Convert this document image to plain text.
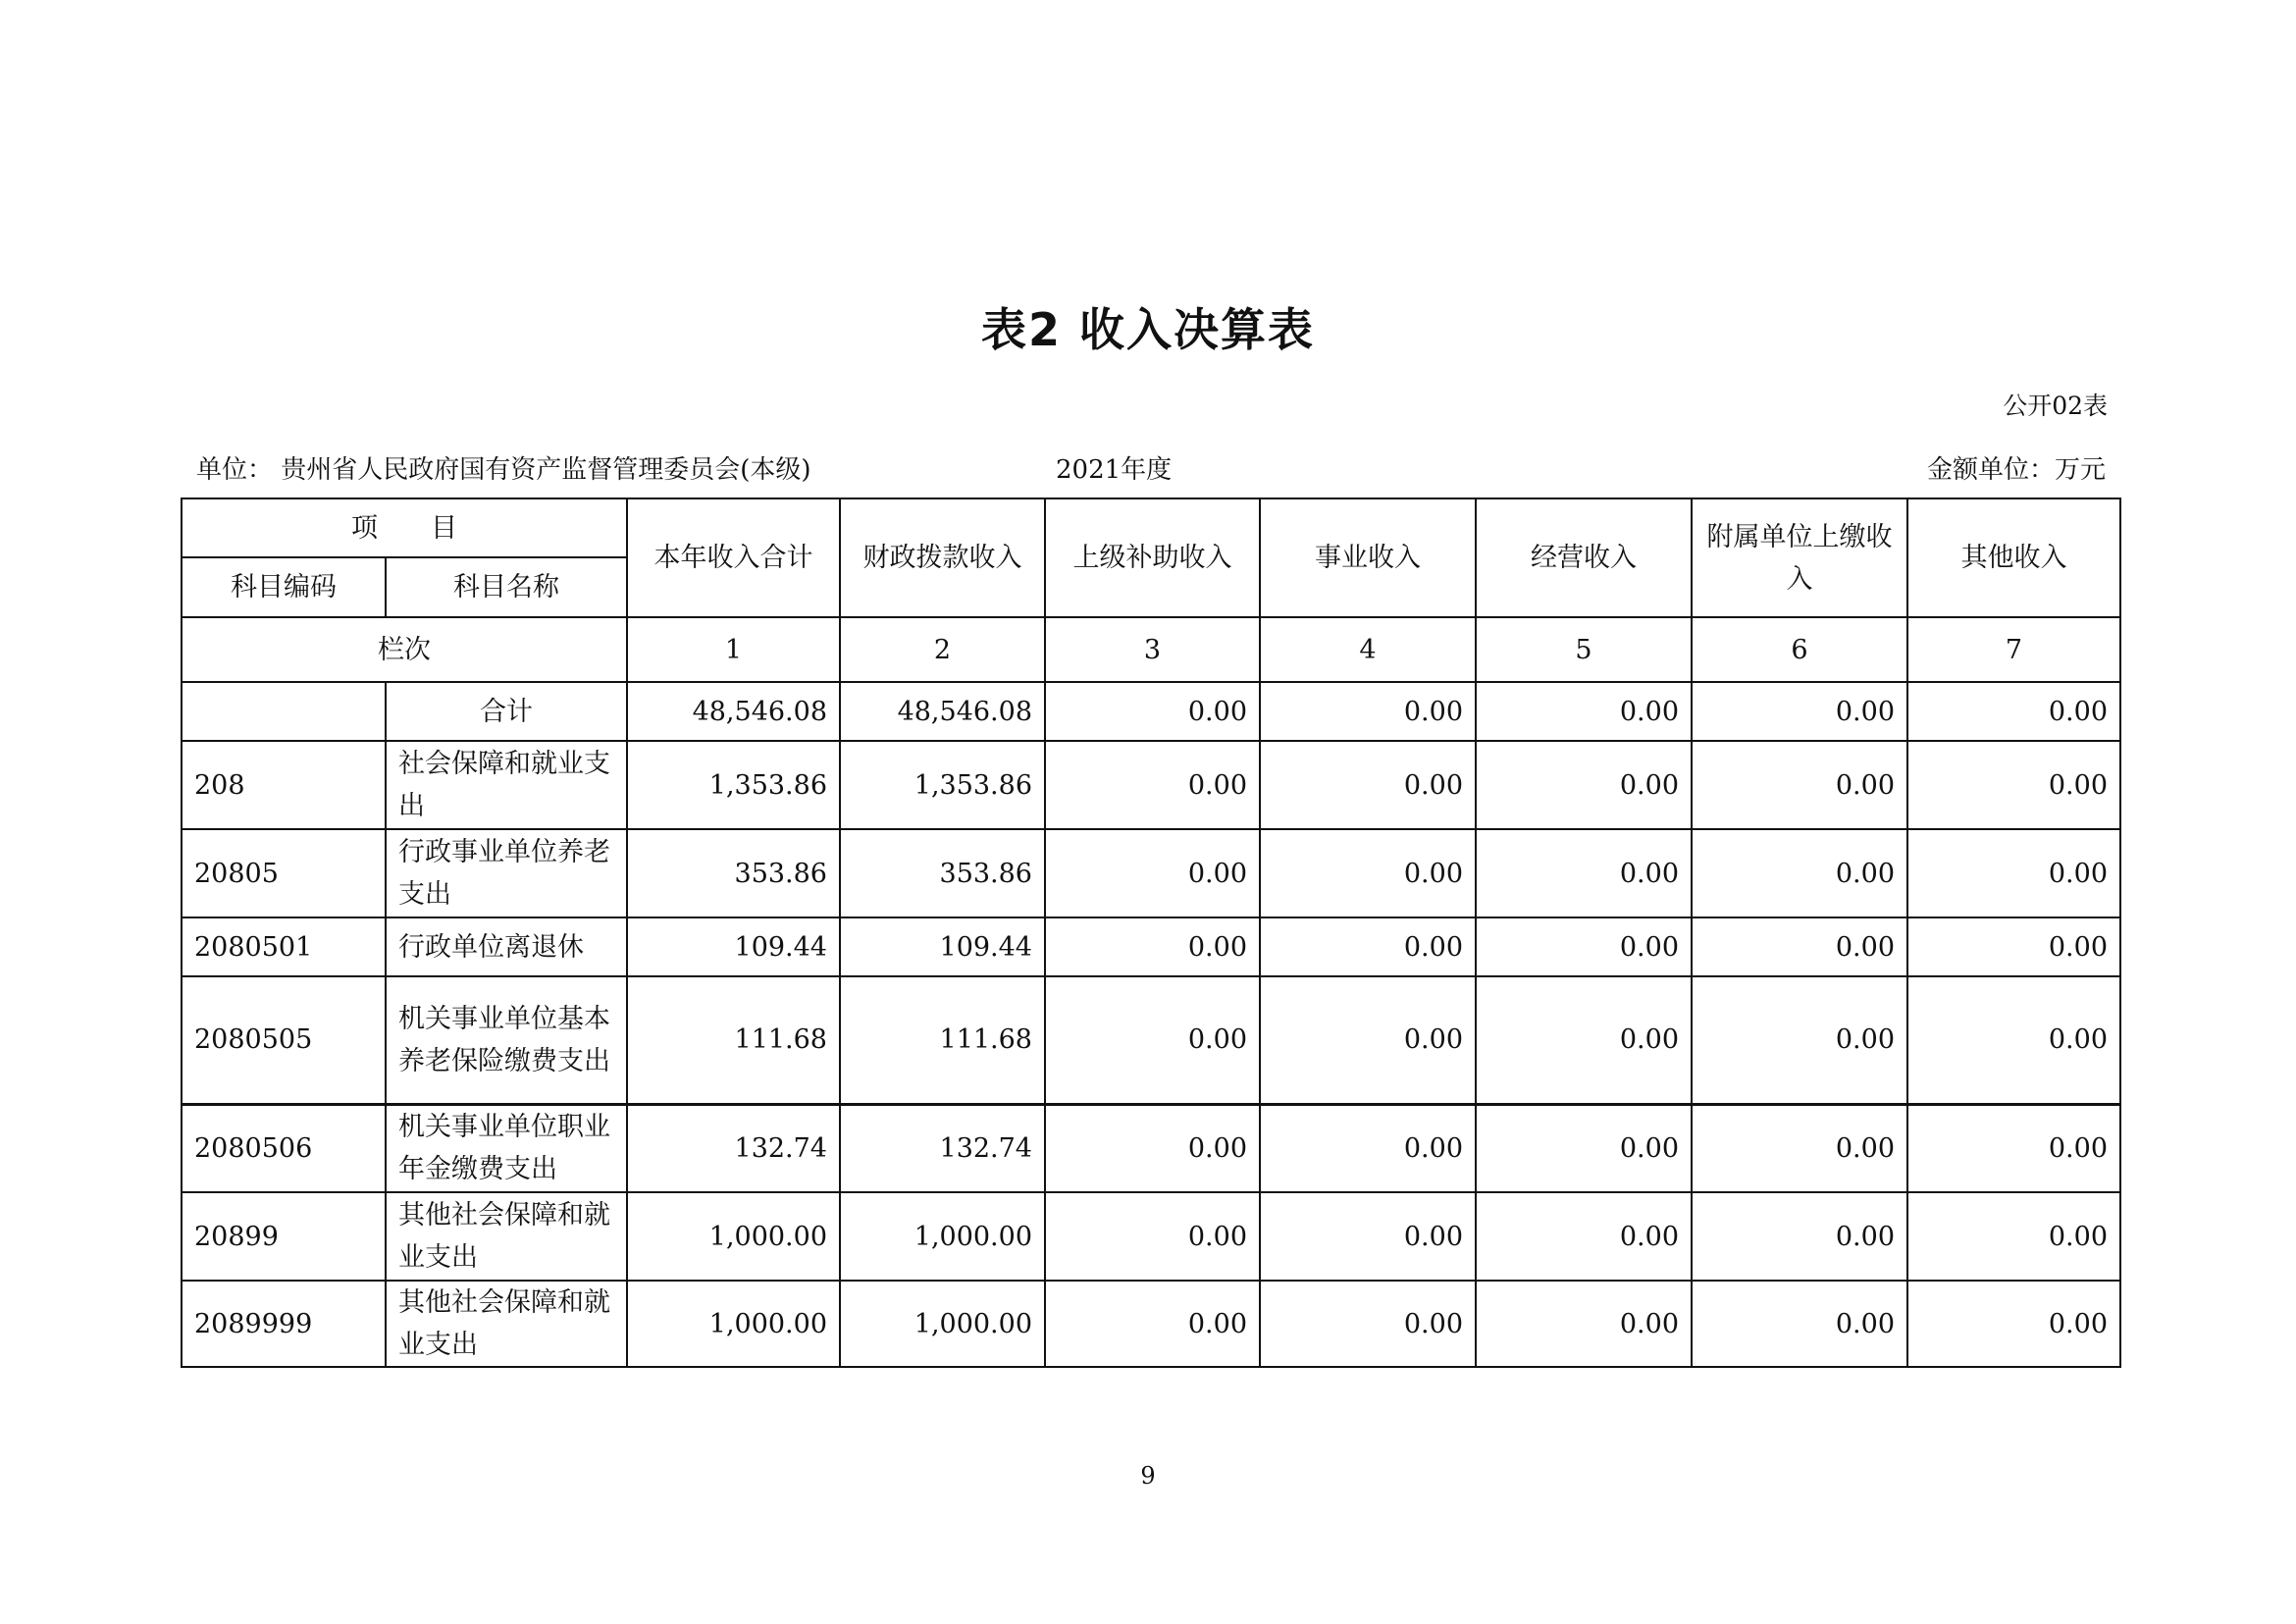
表2 收入决算表
公开02表
单位： 贵州省人民政府国有资产监督管理委员会(本级)	2021年度	金额单位：万元
项　　目		本年收入合计	财政拨款收入	上级补助收入	事业收入	经营收入	附属单位上缴收入	其他收入
科目编码	科目名称							
栏次		1	2	3	4	5	6	7
	合计	48,546.08	48,546.08	0.00	0.00	0.00	0.00	0.00
208	社会保障和就业支出	1,353.86	1,353.86	0.00	0.00	0.00	0.00	0.00
20805	行政事业单位养老支出	353.86	353.86	0.00	0.00	0.00	0.00	0.00
2080501	行政单位离退休	109.44	109.44	0.00	0.00	0.00	0.00	0.00
2080505	机关事业单位基本养老保险缴费支出	111.68	111.68	0.00	0.00	0.00	0.00	0.00
2080506	机关事业单位职业年金缴费支出	132.74	132.74	0.00	0.00	0.00	0.00	0.00
20899	其他社会保障和就业支出	1,000.00	1,000.00	0.00	0.00	0.00	0.00	0.00
2089999	其他社会保障和就业支出	1,000.00	1,000.00	0.00	0.00	0.00	0.00	0.00
9
